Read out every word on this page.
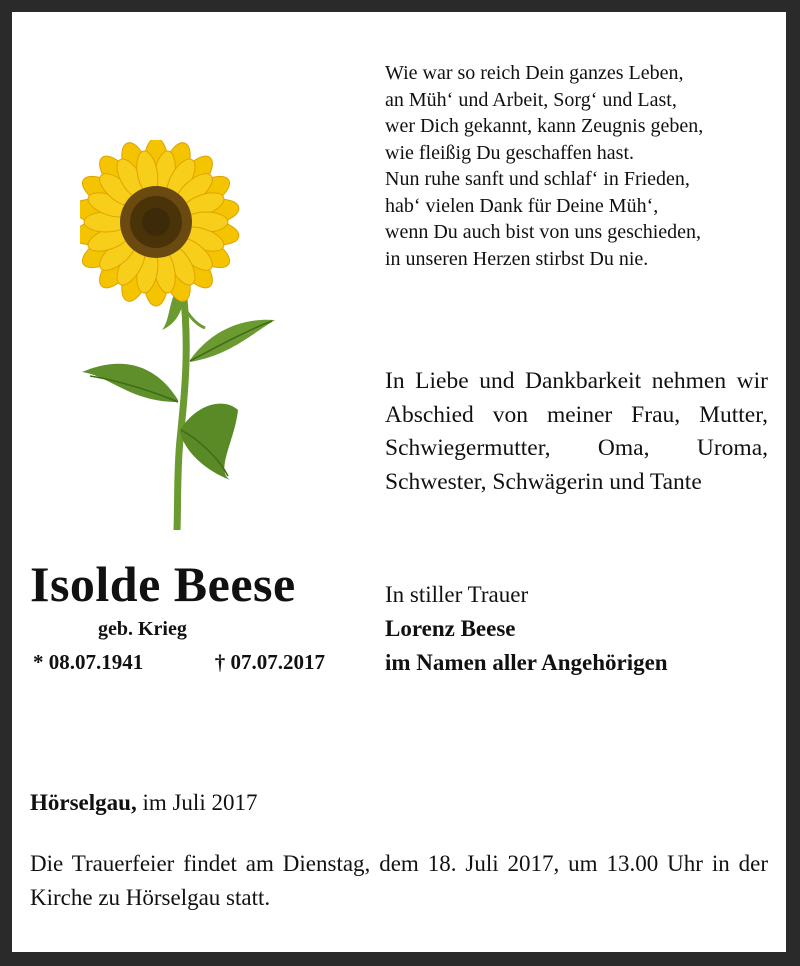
Wie war so reich Dein ganzes Leben,
an Müh‘ und Arbeit, Sorg‘ und Last,
wer Dich gekannt, kann Zeugnis geben,
wie fleißig Du geschaffen hast.
Nun ruhe sanft und schlaf‘ in Frieden,
hab‘ vielen Dank für Deine Müh‘,
wenn Du auch bist von uns geschieden,
in unseren Herzen stirbst Du nie.
In Liebe und Dankbarkeit nehmen wir Abschied von meiner Frau, Mutter, Schwiegermutter, Oma, Uroma, Schwester, Schwägerin und Tante
Isolde Beese
geb. Krieg
* 08.07.1941	† 07.07.2017
In stiller Trauer
Lorenz Beese
im Namen aller Angehörigen
Hörselgau, im Juli 2017
Die Trauerfeier findet am Dienstag, dem 18. Juli 2017, um 13.00 Uhr in der Kirche zu Hörselgau statt.
